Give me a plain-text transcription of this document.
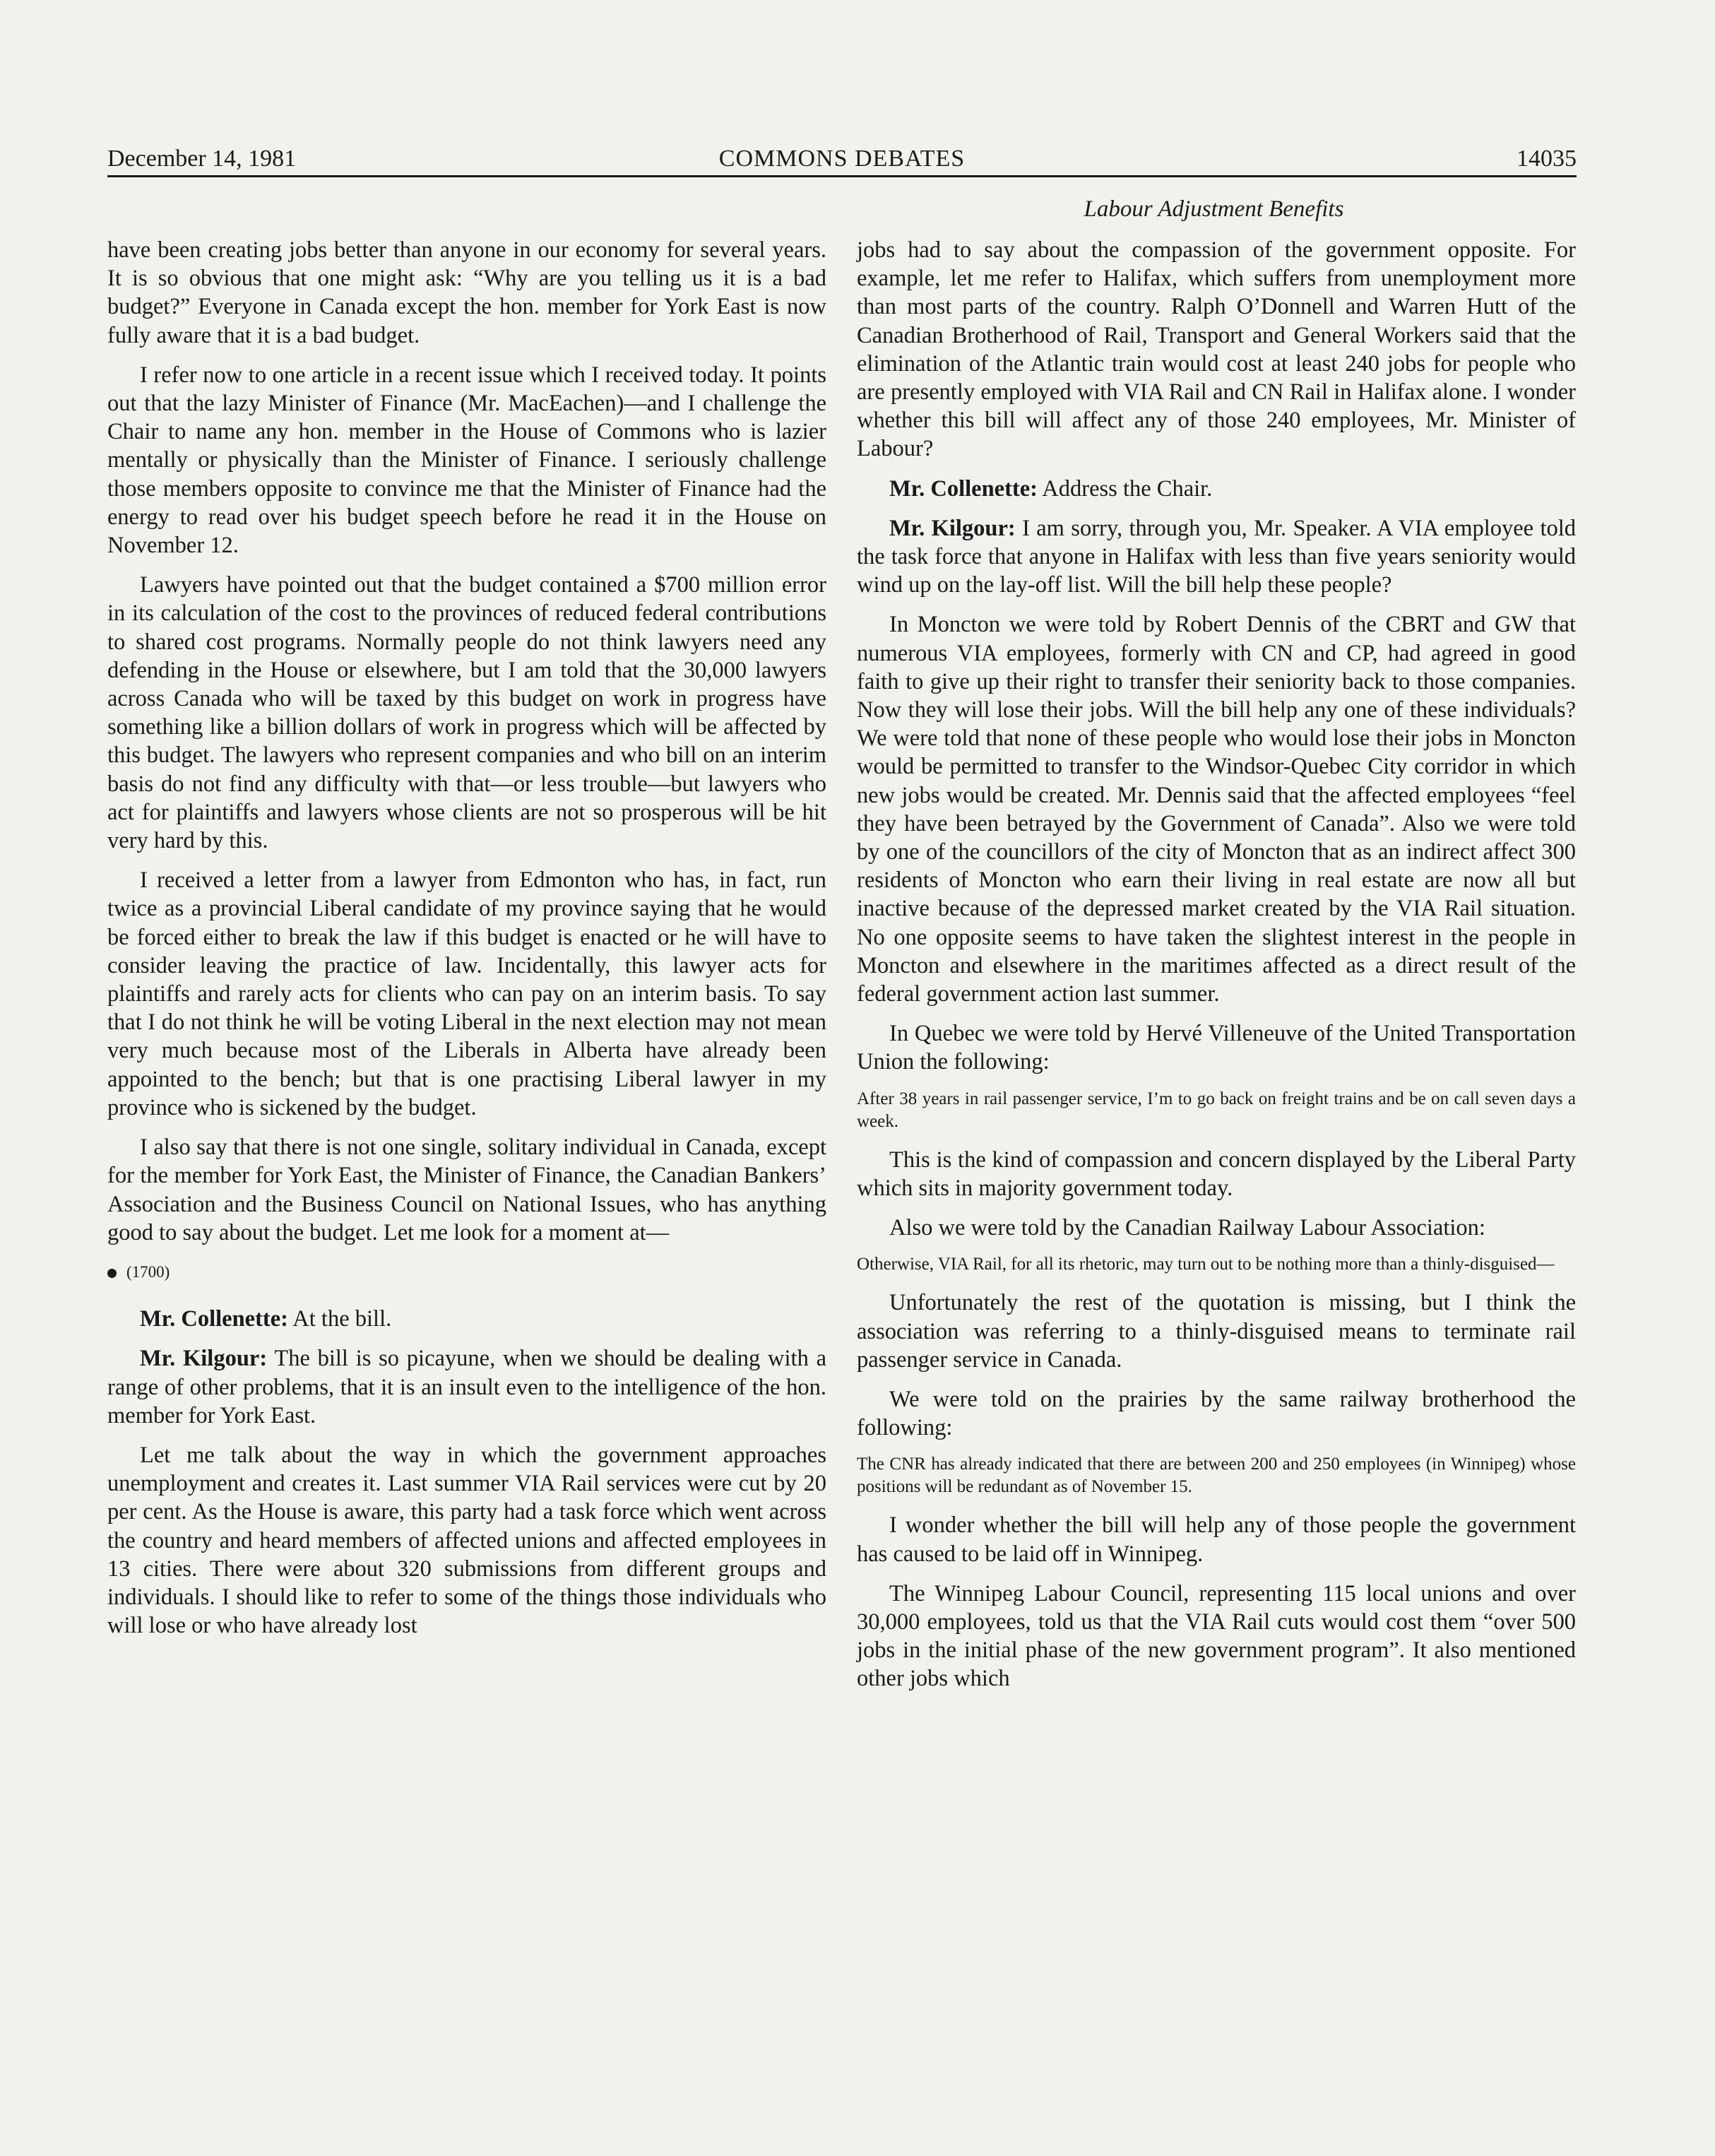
December 14, 1981	COMMONS DEBATES	14035
Labour Adjustment Benefits

have been creating jobs better than anyone in our economy for several years. It is so obvious that one might ask: “Why are you telling us it is a bad budget?” Everyone in Canada except the hon. member for York East is now fully aware that it is a bad budget.

I refer now to one article in a recent issue which I received today. It points out that the lazy Minister of Finance (Mr. MacEachen)—and I challenge the Chair to name any hon. member in the House of Commons who is lazier mentally or physically than the Minister of Finance. I seriously challenge those members opposite to convince me that the Minister of Finance had the energy to read over his budget speech before he read it in the House on November 12.

Lawyers have pointed out that the budget contained a $700 million error in its calculation of the cost to the provinces of reduced federal contributions to shared cost programs. Normally people do not think lawyers need any defending in the House or elsewhere, but I am told that the 30,000 lawyers across Canada who will be taxed by this budget on work in progress have something like a billion dollars of work in progress which will be affected by this budget. The lawyers who represent companies and who bill on an interim basis do not find any difficulty with that—or less trouble—but lawyers who act for plaintiffs and lawyers whose clients are not so prosperous will be hit very hard by this.

I received a letter from a lawyer from Edmonton who has, in fact, run twice as a provincial Liberal candidate of my province saying that he would be forced either to break the law if this budget is enacted or he will have to consider leaving the practice of law. Incidentally, this lawyer acts for plaintiffs and rarely acts for clients who can pay on an interim basis. To say that I do not think he will be voting Liberal in the next election may not mean very much because most of the Liberals in Alberta have already been appointed to the bench; but that is one practising Liberal lawyer in my province who is sickened by the budget.

I also say that there is not one single, solitary individual in Canada, except for the member for York East, the Minister of Finance, the Canadian Bankers’ Association and the Business Council on National Issues, who has anything good to say about the budget. Let me look for a moment at—

(1700)

Mr. Collenette: At the bill.

Mr. Kilgour: The bill is so picayune, when we should be dealing with a range of other problems, that it is an insult even to the intelligence of the hon. member for York East.

Let me talk about the way in which the government approaches unemployment and creates it. Last summer VIA Rail services were cut by 20 per cent. As the House is aware, this party had a task force which went across the country and heard members of affected unions and affected employees in 13 cities. There were about 320 submissions from different groups and individuals. I should like to refer to some of the things those individuals who will lose or who have already lost

jobs had to say about the compassion of the government opposite. For example, let me refer to Halifax, which suffers from unemployment more than most parts of the country. Ralph O’Donnell and Warren Hutt of the Canadian Brotherhood of Rail, Transport and General Workers said that the elimination of the Atlantic train would cost at least 240 jobs for people who are presently employed with VIA Rail and CN Rail in Halifax alone. I wonder whether this bill will affect any of those 240 employees, Mr. Minister of Labour?

Mr. Collenette: Address the Chair.

Mr. Kilgour: I am sorry, through you, Mr. Speaker. A VIA employee told the task force that anyone in Halifax with less than five years seniority would wind up on the lay-off list. Will the bill help these people?

In Moncton we were told by Robert Dennis of the CBRT and GW that numerous VIA employees, formerly with CN and CP, had agreed in good faith to give up their right to transfer their seniority back to those companies. Now they will lose their jobs. Will the bill help any one of these individuals? We were told that none of these people who would lose their jobs in Moncton would be permitted to transfer to the Windsor-Quebec City corridor in which new jobs would be created. Mr. Dennis said that the affected employees “feel they have been betrayed by the Government of Canada”. Also we were told by one of the councillors of the city of Moncton that as an indirect affect 300 residents of Moncton who earn their living in real estate are now all but inactive because of the depressed market created by the VIA Rail situation. No one opposite seems to have taken the slightest interest in the people in Moncton and elsewhere in the maritimes affected as a direct result of the federal government action last summer.

In Quebec we were told by Hervé Villeneuve of the United Transportation Union the following:

After 38 years in rail passenger service, I’m to go back on freight trains and be on call seven days a week.

This is the kind of compassion and concern displayed by the Liberal Party which sits in majority government today.

Also we were told by the Canadian Railway Labour Association:

Otherwise, VIA Rail, for all its rhetoric, may turn out to be nothing more than a thinly-disguised—

Unfortunately the rest of the quotation is missing, but I think the association was referring to a thinly-disguised means to terminate rail passenger service in Canada.

We were told on the prairies by the same railway brotherhood the following:

The CNR has already indicated that there are between 200 and 250 employees (in Winnipeg) whose positions will be redundant as of November 15.

I wonder whether the bill will help any of those people the government has caused to be laid off in Winnipeg.

The Winnipeg Labour Council, representing 115 local unions and over 30,000 employees, told us that the VIA Rail cuts would cost them “over 500 jobs in the initial phase of the new government program”. It also mentioned other jobs which
